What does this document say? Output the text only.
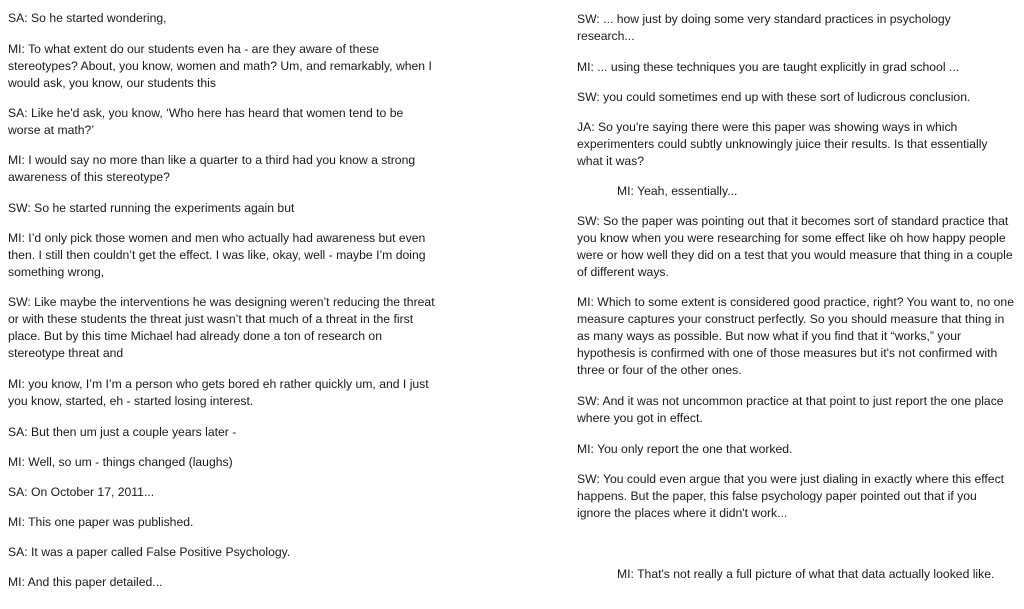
SA: So he started wondering,

MI: To what extent do our students even ha - are they aware of these stereotypes? About, you know, women and math? Um, and remarkably, when I would ask, you know, our students this

SA: Like he'd ask, you know, ‘Who here has heard that women tend to be worse at math?’

MI: I would say no more than like a quarter to a third had you know a strong awareness of this stereotype?

SW: So he started running the experiments again but

MI: I’d only pick those women and men who actually had awareness but even then. I still then couldn’t get the effect. I was like, okay, well - maybe I’m doing something wrong,

SW: Like maybe the interventions he was designing weren’t reducing the threat or with these students the threat just wasn’t that much of a threat in the first place. But by this time Michael had already done a ton of research on stereotype threat and

MI: you know, I’m I’m a person who gets bored eh rather quickly um, and I just you know, started, eh - started losing interest.

SA: But then um just a couple years later -

MI: Well, so um - things changed (laughs)

SA: On October 17, 2011...

MI: This one paper was published.

SA: It was a paper called False Positive Psychology.

MI: And this paper detailed...

SW: ... how just by doing some very standard practices in psychology research...

MI: ... using these techniques you are taught explicitly in grad school ...

SW: you could sometimes end up with these sort of ludicrous conclusion.

JA: So you're saying there were this paper was showing ways in which experimenters could subtly unknowingly juice their results. Is that essentially what it was?

MI: Yeah, essentially...

SW: So the paper was pointing out that it becomes sort of standard practice that you know when you were researching for some effect like oh how happy people were or how well they did on a test that you would measure that thing in a couple of different ways.

MI: Which to some extent is considered good practice, right? You want to, no one measure captures your construct perfectly. So you should measure that thing in as many ways as possible. But now what if you find that it “works,” your hypothesis is confirmed with one of those measures but it's not confirmed with three or four of the other ones.

SW: And it was not uncommon practice at that point to just report the one place where you got in effect.

MI: You only report the one that worked.

SW: You could even argue that you were just dialing in exactly where this effect happens. But the paper, this false psychology paper pointed out that if you ignore the places where it didn't work...

MI: That's not really a full picture of what that data actually looked like.
